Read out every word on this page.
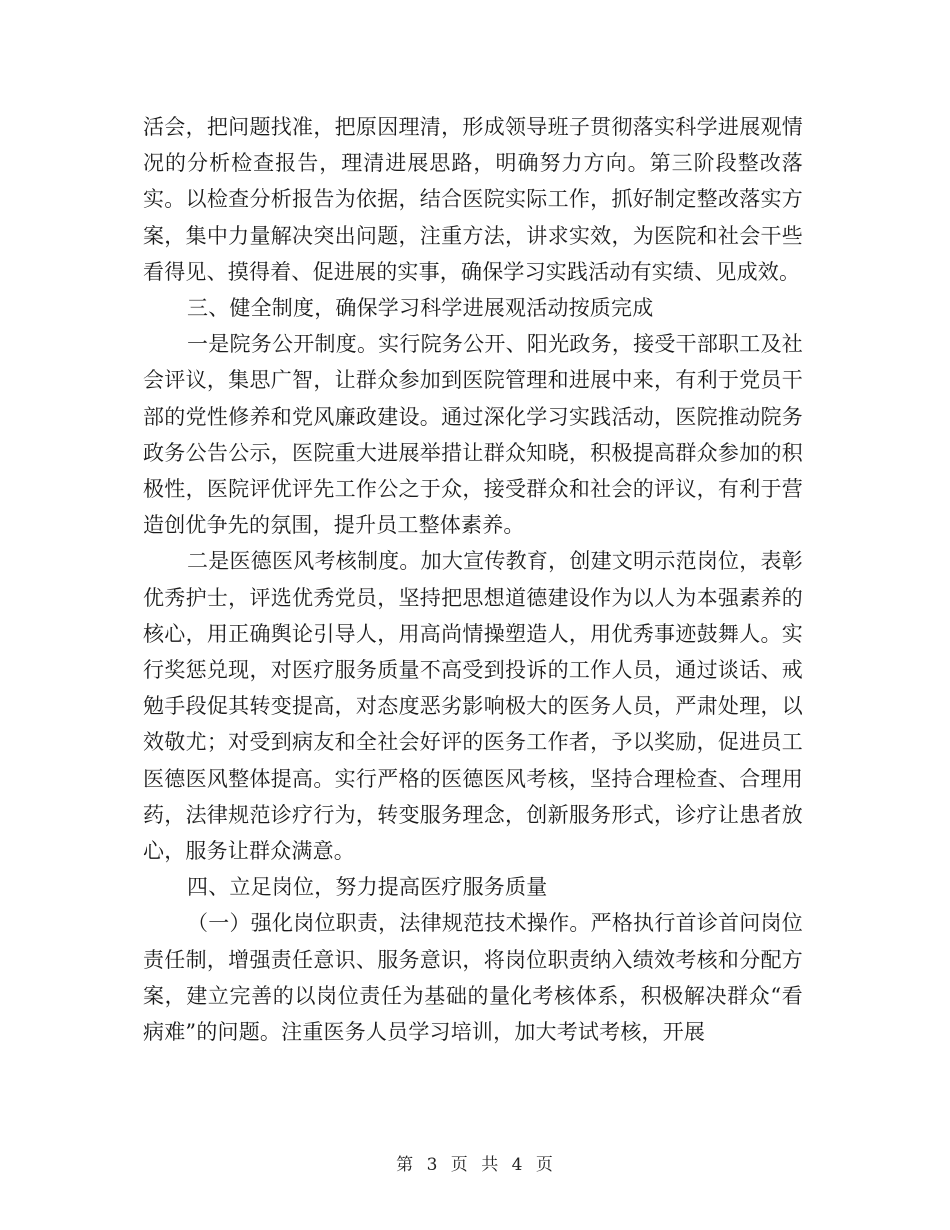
活会，把问题找准，把原因理清，形成领导班子贯彻落实科学进展观情况的分析检查报告，理清进展思路，明确努力方向。第三阶段整改落实。以检查分析报告为依据，结合医院实际工作，抓好制定整改落实方案，集中力量解决突出问题，注重方法，讲求实效，为医院和社会干些看得见、摸得着、促进展的实事，确保学习实践活动有实绩、见成效。

三、健全制度，确保学习科学进展观活动按质完成

一是院务公开制度。实行院务公开、阳光政务，接受干部职工及社会评议，集思广智，让群众参加到医院管理和进展中来，有利于党员干部的党性修养和党风廉政建设。通过深化学习实践活动，医院推动院务政务公告公示，医院重大进展举措让群众知晓，积极提高群众参加的积极性，医院评优评先工作公之于众，接受群众和社会的评议，有利于营造创优争先的氛围，提升员工整体素养。

二是医德医风考核制度。加大宣传教育，创建文明示范岗位，表彰优秀护士，评选优秀党员，坚持把思想道德建设作为以人为本强素养的核心，用正确舆论引导人，用高尚情操塑造人，用优秀事迹鼓舞人。实行奖惩兑现，对医疗服务质量不高受到投诉的工作人员，通过谈话、戒勉手段促其转变提高，对态度恶劣影响极大的医务人员，严肃处理，以效敬尤；对受到病友和全社会好评的医务工作者，予以奖励，促进员工医德医风整体提高。实行严格的医德医风考核，坚持合理检查、合理用药，法律规范诊疗行为，转变服务理念，创新服务形式，诊疗让患者放心，服务让群众满意。

四、立足岗位，努力提高医疗服务质量

（一）强化岗位职责，法律规范技术操作。严格执行首诊首问岗位责任制，增强责任意识、服务意识，将岗位职责纳入绩效考核和分配方案，建立完善的以岗位责任为基础的量化考核体系，积极解决群众“看病难”的问题。注重医务人员学习培训，加大考试考核，开展

第 3 页 共 4 页
